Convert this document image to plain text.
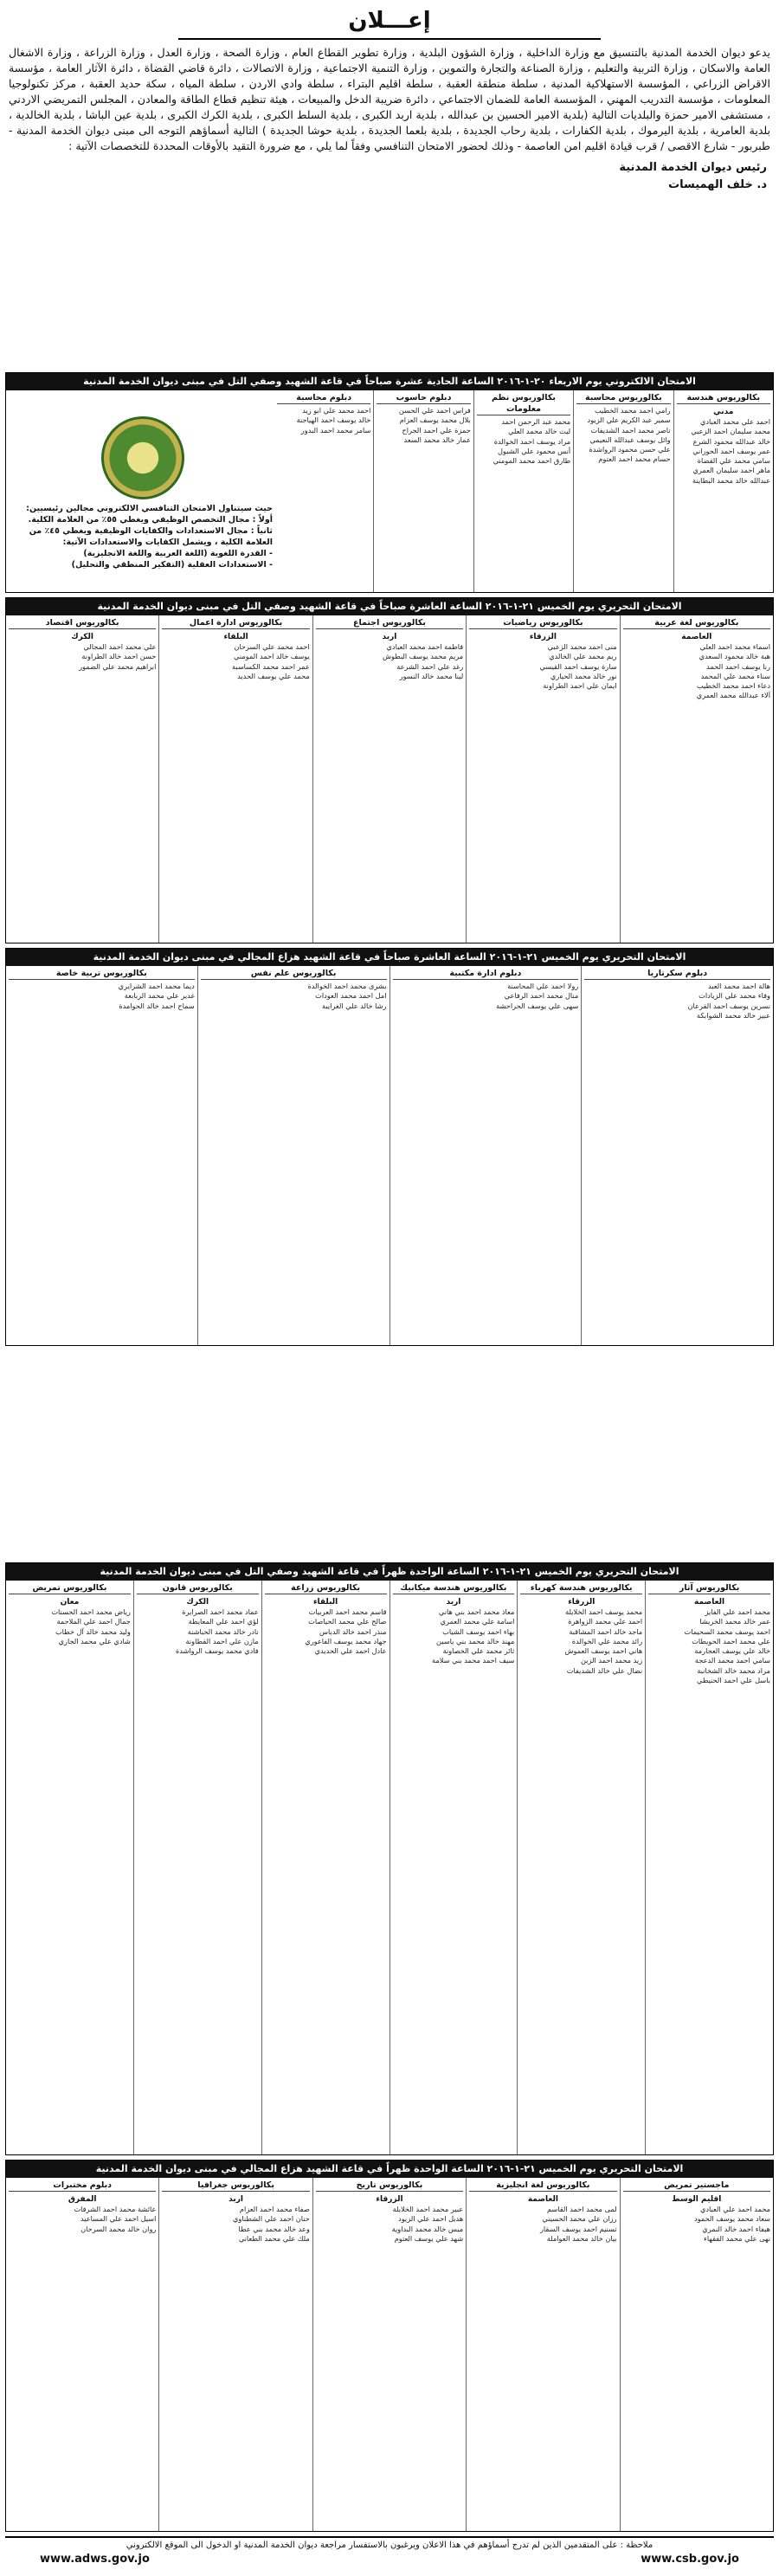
إعـــلان
يدعو ديوان الخدمة المدنية بالتنسيق مع وزارة الداخلية ، وزارة الشؤون البلدية ، وزارة تطوير القطاع العام ، وزارة الصحة ، وزارة العدل ، وزارة الزراعة ، وزارة الاشغال العامة والاسكان ، وزارة التربية والتعليم ، وزارة الصناعة والتجارة والتموين ، وزارة التنمية الاجتماعية ، وزارة الاتصالات ، دائرة قاضي القضاة ، دائرة الآثار العامة ، مؤسسة الاقراض الزراعي ، المؤسسة الاستهلاكية المدنية ، سلطة منطقة العقبة ، سلطة اقليم البتراء ، سلطة وادي الاردن ، سلطة المياه ، سكة حديد العقبة ، مركز تكنولوجيا المعلومات ، مؤسسة التدريب المهني ، المؤسسة العامة للضمان الاجتماعي ، دائرة ضريبة الدخل والمبيعات ، هيئة تنظيم قطاع الطاقة والمعادن ، المجلس التمريضي الاردني ، مستشفى الامير حمزة والبلديات التالية (بلدية الامير الحسين بن عبدالله ، بلدية اربد الكبرى ، بلدية السلط الكبرى ، بلدية الكرك الكبرى ، بلدية عين الباشا ، بلدية الخالدية ، بلدية العامرية ، بلدية اليرموك ، بلدية الكفارات ، بلدية رحاب الجديدة ، بلدية بلعما الجديدة ، بلدية حوشا الجديدة ) التالية أسماؤهم التوجه الى مبنى ديوان الخدمة المدنية - طبربور - شارع الاقصى / قرب قيادة اقليم امن العاصمة - وذلك لحضور الامتحان التنافسي وفقاً لما يلي ، مع ضرورة التقيد بالأوقات المحددة للتخصصات الآتية :
رئيس ديوان الخدمة المدنية
د. خلف الهميسات
الامتحان الالكتروني يوم الاربعاء ٢٠-١-٢٠١٦ الساعة الحادية عشرة صباحاً في قاعة الشهيد وصفي التل في مبنى ديوان الخدمة المدنية
بكالوريوس هندسة
مدني
احمد علي محمد العبادي
محمد سليمان احمد الزعبي
خالد عبدالله محمود الشرع
عمر يوسف احمد الحوراني
سامي محمد علي القضاة
ماهر احمد سليمان العمري
عبدالله خالد محمد البطاينة
بكالوريوس محاسبة
رامي احمد محمد الخطيب
سمير عبد الكريم علي الزيود
ناصر محمد احمد الشديفات
وائل يوسف عبدالله النعيمي
علي حسن محمود الرواشدة
حسام محمد احمد العتوم
بكالوريوس نظم معلومات
محمد عبد الرحمن احمد
ليث خالد محمد العلي
مراد يوسف احمد الخوالدة
أنس محمود علي الشبول
طارق احمد محمد المومني
دبلوم حاسوب
فراس احمد علي الحسن
بلال محمد يوسف العزام
حمزة علي احمد الجراح
عمار خالد محمد السعد
دبلوم محاسبة
احمد محمد علي ابو زيد
خالد يوسف احمد الهياجنة
سامر محمد احمد البدور
حيث سيتناول الامتحان التنافسي الالكتروني مجالين رئيسيين:
أولاً : مجال التخصص الوظيفي ويغطي ٥٥٪ من العلامة الكلية.
ثانياً : مجال الاستعدادات والكفايات الوظيفية ويغطي ٤٥٪ من العلامة الكلية ، ويشمل الكفايات والاستعدادات الآتية:
- القدرة اللغوية (اللغة العربية واللغة الانجليزية)
- الاستعدادات العقلية (التفكير المنطقي والتحليل)
الامتحان التحريري يوم الخميس ٢١-١-٢٠١٦ الساعة العاشرة صباحاً في قاعة الشهيد وصفي التل في مبنى ديوان الخدمة المدنية
بكالوريوس لغة عربية
العاصمة
اسماء محمد احمد العلي
هبة خالد محمود السعدي
رنا يوسف احمد الحمد
سناء محمد علي المحمد
دعاء احمد محمد الخطيب
آلاء عبدالله محمد العمري
بكالوريوس رياضيات
الزرقاء
منى احمد محمد الزعبي
ريم محمد علي الخالدي
سارة يوسف احمد القيسي
نور خالد محمد الحياري
ايمان علي احمد الطراونة
بكالوريوس اجتماع
اربد
فاطمة احمد محمد العبادي
مريم محمد يوسف البطوش
رغد علي احمد الشرعة
لينا محمد خالد النسور
بكالوريوس ادارة اعمال
البلقاء
احمد محمد علي السرحان
يوسف خالد احمد المومني
عمر احمد محمد الكساسبة
محمد علي يوسف الحديد
بكالوريوس اقتصاد
الكرك
علي محمد احمد المجالي
حسن احمد خالد الطراونة
ابراهيم محمد علي الضمور
الامتحان التحريري يوم الخميس ٢١-١-٢٠١٦ الساعة العاشرة صباحاً في قاعة الشهيد هزاع المجالي في مبنى ديوان الخدمة المدنية
دبلوم سكرتاريا
هالة احمد محمد العبد
وفاء محمد علي الزيادات
نسرين يوسف احمد القرعان
عبير خالد محمد الشوابكة
دبلوم ادارة مكتبية
رولا احمد علي المحاسنة
منال محمد احمد الرفاعي
سهى علي يوسف الحراحشة
بكالوريوس علم نفس
بشرى محمد احمد الخوالدة
امل احمد محمد العودات
رشا خالد علي الغرايبة
بكالوريوس تربية خاصة
ديما محمد احمد الشرايري
غدير علي محمد الربابعة
سماح احمد خالد الحوامدة
الامتحان التحريري يوم الخميس ٢١-١-٢٠١٦ الساعة الواحدة ظهراً في قاعة الشهيد وصفي التل في مبنى ديوان الخدمة المدنية
بكالوريوس آثار
العاصمة
محمد احمد علي الفايز
عمر خالد محمد الخريشا
احمد يوسف محمد السحيمات
علي محمد احمد الحويطات
خالد علي يوسف العجارمة
سامي احمد محمد الدعجة
مراد محمد خالد الشخانبة
باسل علي احمد الحنيطي
بكالوريوس هندسة كهرباء
الزرقاء
محمد يوسف احمد الخلايلة
احمد علي محمد الزواهرة
ماجد خالد احمد المشاقبة
رائد محمد علي الخوالدة
هاني احمد يوسف العموش
زيد محمد احمد الزبن
نضال علي خالد الشديفات
بكالوريوس هندسة ميكانيك
اربد
معاذ محمد احمد بني هاني
اسامة علي محمد العمري
بهاء احمد يوسف الشياب
مهند خالد محمد بني ياسين
ثائر محمد علي الخصاونة
سيف احمد محمد بني سلامة
بكالوريوس زراعة
البلقاء
قاسم محمد احمد العربيات
صالح علي محمد الحياصات
منذر احمد خالد الدباس
جهاد محمد يوسف الفاعوري
عادل احمد علي الحديدي
بكالوريوس قانون
الكرك
عماد محمد احمد الصرايرة
لؤي احمد علي المعايطة
نادر خالد محمد الحباشنة
مازن علي احمد القطاونة
فادي محمد يوسف الرواشدة
بكالوريوس تمريض
معان
رياض محمد احمد الحسنات
جمال احمد علي الملاحمة
وليد محمد خالد آل خطاب
شادي علي محمد الجازي
الامتحان التحريري يوم الخميس ٢١-١-٢٠١٦ الساعة الواحدة ظهراً في قاعة الشهيد هزاع المجالي في مبنى ديوان الخدمة المدنية
ماجستير تمريض
اقليم الوسط
محمد احمد علي العبادي
سعاد محمد يوسف الحمود
هيفاء احمد خالد النمري
نهى علي محمد الفقهاء
بكالوريوس لغة انجليزية
العاصمة
لمى محمد احمد القاسم
رزان علي محمد الحسيني
تسنيم احمد يوسف السقار
بيان خالد محمد العواملة
بكالوريوس تاريخ
الزرقاء
عبير محمد احمد الخلايلة
هديل احمد علي الزيود
ميس خالد محمد البداوية
شهد علي يوسف العتوم
بكالوريوس جغرافيا
اربد
صفاء محمد احمد العزام
حنان احمد علي الشطناوي
وعد خالد محمد بني عطا
ملك علي محمد الطعاني
دبلوم مختبرات
المفرق
عائشة محمد احمد الشرفات
اسيل احمد علي المساعيد
روان خالد محمد السرحان
ملاحظة : على المتقدمين الذين لم تدرج أسماؤهم في هذا الاعلان ويرغبون بالاستفسار مراجعة ديوان الخدمة المدنية او الدخول الى الموقع الالكتروني
www.csb.gov.jo
www.adws.gov.jo
